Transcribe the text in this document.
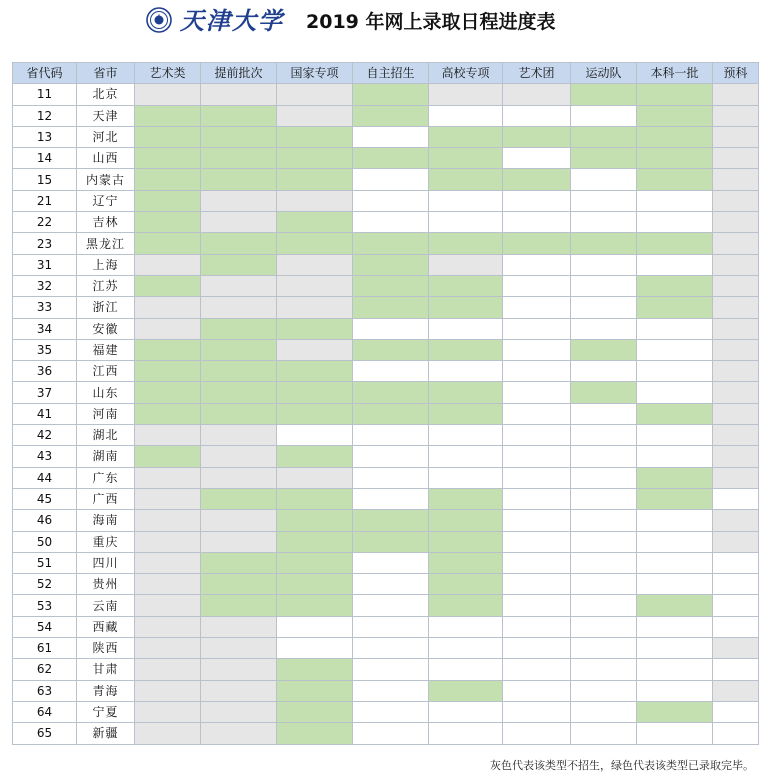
天津大学 2019 年网上录取日程进度表
省代码	省市	艺术类	提前批次	国家专项	自主招生	高校专项	艺术团	运动队	本科一批	预科
11	北京									
12	天津									
13	河北									
14	山西									
15	内蒙古									
21	辽宁									
22	吉林									
23	黑龙江									
31	上海									
32	江苏									
33	浙江									
34	安徽									
35	福建									
36	江西									
37	山东									
41	河南									
42	湖北									
43	湖南									
44	广东									
45	广西									
46	海南									
50	重庆									
51	四川									
52	贵州									
53	云南									
54	西藏									
61	陕西									
62	甘肃									
63	青海									
64	宁夏									
65	新疆									
灰色代表该类型不招生，绿色代表该类型已录取完毕。
